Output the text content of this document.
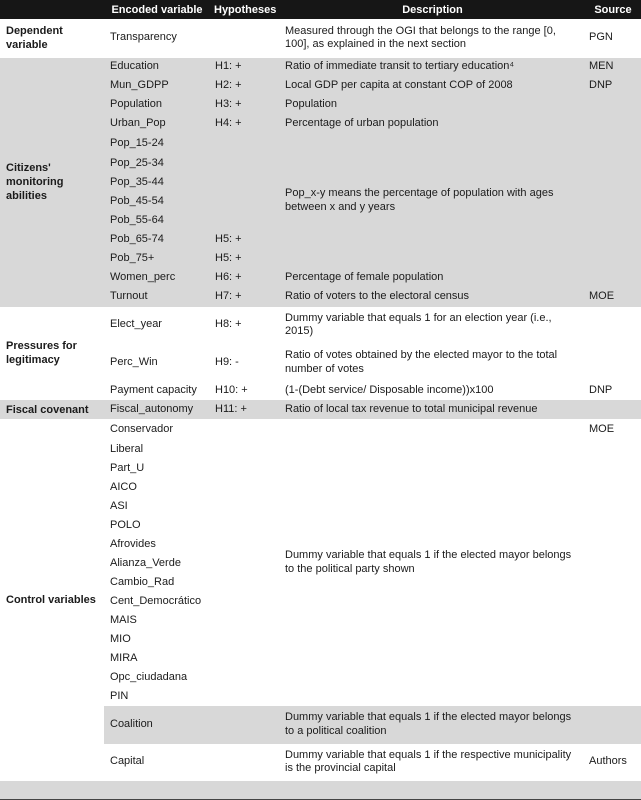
	Encoded variable	Hypotheses	Description	Source
Dependent variable	Transparency		Measured through the OGI that belongs to the range [0, 100], as explained in the next section	PGN
Citizens' monitoring abilities	Education	H1: +	Ratio of immediate transit to tertiary education⁴	MEN
	Mun_GDPP	H2: +	Local GDP per capita at constant COP of 2008	DNP
	Population	H3: +	Population	
	Urban_Pop	H4: +	Percentage of urban population	
	Pop_15-24		Pop_x-y means the percentage of population with ages between x and y years	
	Pop_25-34			
	Pop_35-44			
	Pob_45-54			
	Pob_55-64			
	Pob_65-74	H5: +		
	Pob_75+	H5: +		
	Women_perc	H6: +	Percentage of female population	
	Turnout	H7: +	Ratio of voters to the electoral census	MOE
Pressures for legitimacy	Elect_year	H8: +	Dummy variable that equals 1 for an election year (i.e., 2015)	
	Perc_Win	H9: -	Ratio of votes obtained by the elected mayor to the total number of votes	
	Payment capacity	H10: +	(1-(Debt service/ Disposable income))x100	DNP
Fiscal covenant	Fiscal_autonomy	H11: +	Ratio of local tax revenue to total municipal revenue	
Control variables	Conservador		Dummy variable that equals 1 if the elected mayor belongs to the political party shown	MOE
	Liberal			
	Part_U			
	AICO			
	ASI			
	POLO			
	Afrovides			
	Alianza_Verde			
	Cambio_Rad			
	Cent_Democrático			
	MAIS			
	MIO			
	MIRA			
	Opc_ciudadana			
	PIN			
	Coalition		Dummy variable that equals 1 if the elected mayor belongs to a political coalition	
	Capital		Dummy variable that equals 1 if the respective municipality is the provincial capital	Authors
